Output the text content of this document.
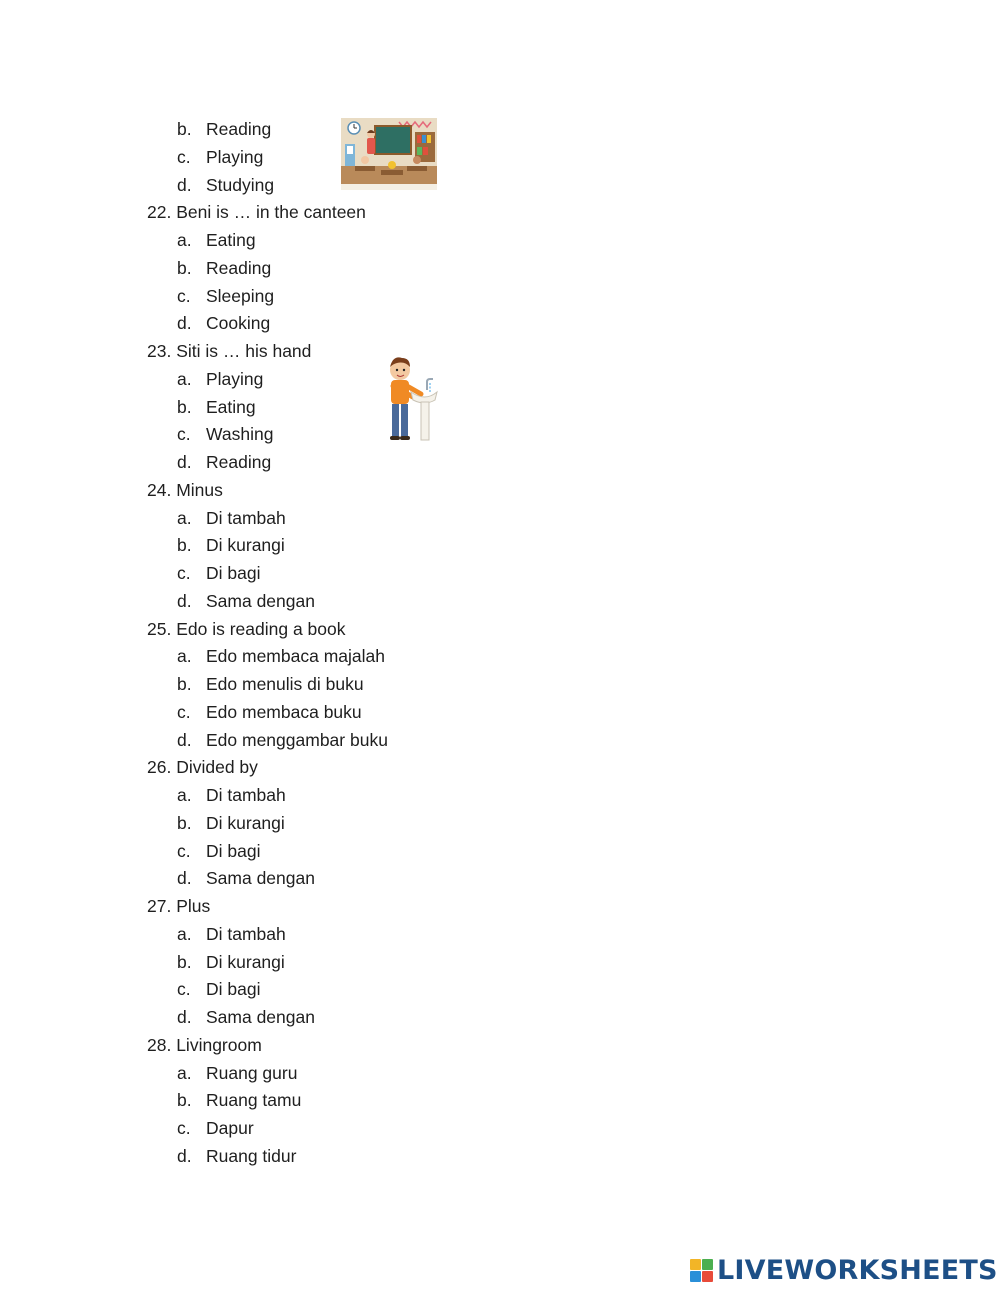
b. Reading
c. Playing
d. Studying
22. Beni is … in the canteen
a. Eating
b. Reading
c. Sleeping
d. Cooking
23. Siti is … his hand
a. Playing
b. Eating
c. Washing
d. Reading
24. Minus
a. Di tambah
b. Di kurangi
c. Di bagi
d. Sama dengan
25. Edo is reading a book
a. Edo membaca majalah
b. Edo menulis di buku
c. Edo membaca buku
d. Edo menggambar buku
26. Divided by
a. Di tambah
b. Di kurangi
c. Di bagi
d. Sama dengan
27. Plus
a. Di tambah
b. Di kurangi
c. Di bagi
d. Sama dengan
28. Livingroom
a. Ruang guru
b. Ruang tamu
c. Dapur
d. Ruang tidur
LIVEWORKSHEETS
